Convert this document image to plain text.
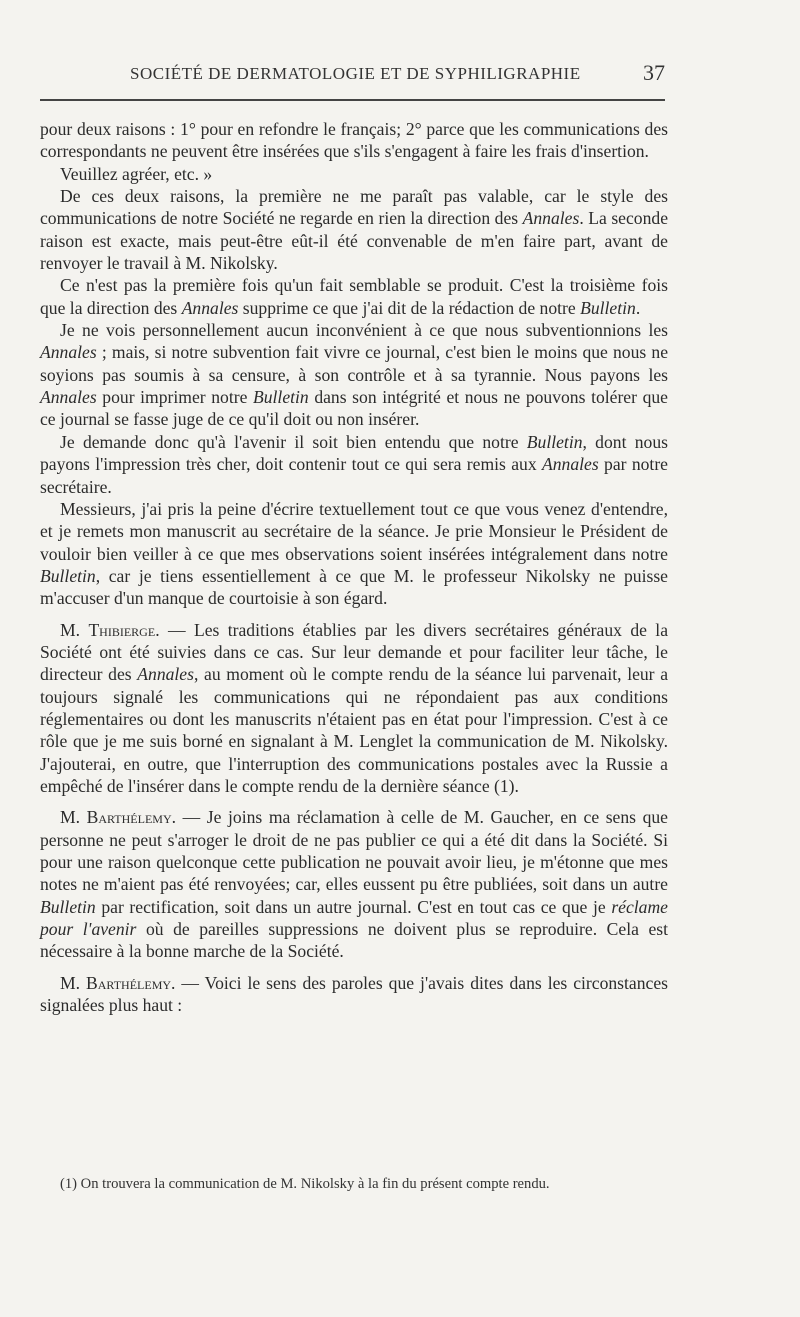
SOCIÉTÉ DE DERMATOLOGIE ET DE SYPHILIGRAPHIE	37

pour deux raisons : 1° pour en refondre le français; 2° parce que les communications des correspondants ne peuvent être insérées que s'ils s'engagent à faire les frais d'insertion.

Veuillez agréer, etc. »

De ces deux raisons, la première ne me paraît pas valable, car le style des communications de notre Société ne regarde en rien la direction des Annales. La seconde raison est exacte, mais peut-être eût-il été convenable de m'en faire part, avant de renvoyer le travail à M. Nikolsky.

Ce n'est pas la première fois qu'un fait semblable se produit. C'est la troisième fois que la direction des Annales supprime ce que j'ai dit de la rédaction de notre Bulletin.

Je ne vois personnellement aucun inconvénient à ce que nous subventionnions les Annales ; mais, si notre subvention fait vivre ce journal, c'est bien le moins que nous ne soyions pas soumis à sa censure, à son contrôle et à sa tyrannie. Nous payons les Annales pour imprimer notre Bulletin dans son intégrité et nous ne pouvons tolérer que ce journal se fasse juge de ce qu'il doit ou non insérer.

Je demande donc qu'à l'avenir il soit bien entendu que notre Bulletin, dont nous payons l'impression très cher, doit contenir tout ce qui sera remis aux Annales par notre secrétaire.

Messieurs, j'ai pris la peine d'écrire textuellement tout ce que vous venez d'entendre, et je remets mon manuscrit au secrétaire de la séance. Je prie Monsieur le Président de vouloir bien veiller à ce que mes observations soient insérées intégralement dans notre Bulletin, car je tiens essentiellement à ce que M. le professeur Nikolsky ne puisse m'accuser d'un manque de courtoisie à son égard.

M. Thibierge. — Les traditions établies par les divers secrétaires généraux de la Société ont été suivies dans ce cas. Sur leur demande et pour faciliter leur tâche, le directeur des Annales, au moment où le compte rendu de la séance lui parvenait, leur a toujours signalé les communications qui ne répondaient pas aux conditions réglementaires ou dont les manuscrits n'étaient pas en état pour l'impression. C'est à ce rôle que je me suis borné en signalant à M. Lenglet la communication de M. Nikolsky. J'ajouterai, en outre, que l'interruption des communications postales avec la Russie a empêché de l'insérer dans le compte rendu de la dernière séance (1).

M. Barthélemy. — Je joins ma réclamation à celle de M. Gaucher, en ce sens que personne ne peut s'arroger le droit de ne pas publier ce qui a été dit dans la Société. Si pour une raison quelconque cette publication ne pouvait avoir lieu, je m'étonne que mes notes ne m'aient pas été renvoyées; car, elles eussent pu être publiées, soit dans un autre Bulletin par rectification, soit dans un autre journal. C'est en tout cas ce que je réclame pour l'avenir où de pareilles suppressions ne doivent plus se reproduire. Cela est nécessaire à la bonne marche de la Société.

M. Barthélemy. — Voici le sens des paroles que j'avais dites dans les circonstances signalées plus haut :

(1) On trouvera la communication de M. Nikolsky à la fin du présent compte rendu.
